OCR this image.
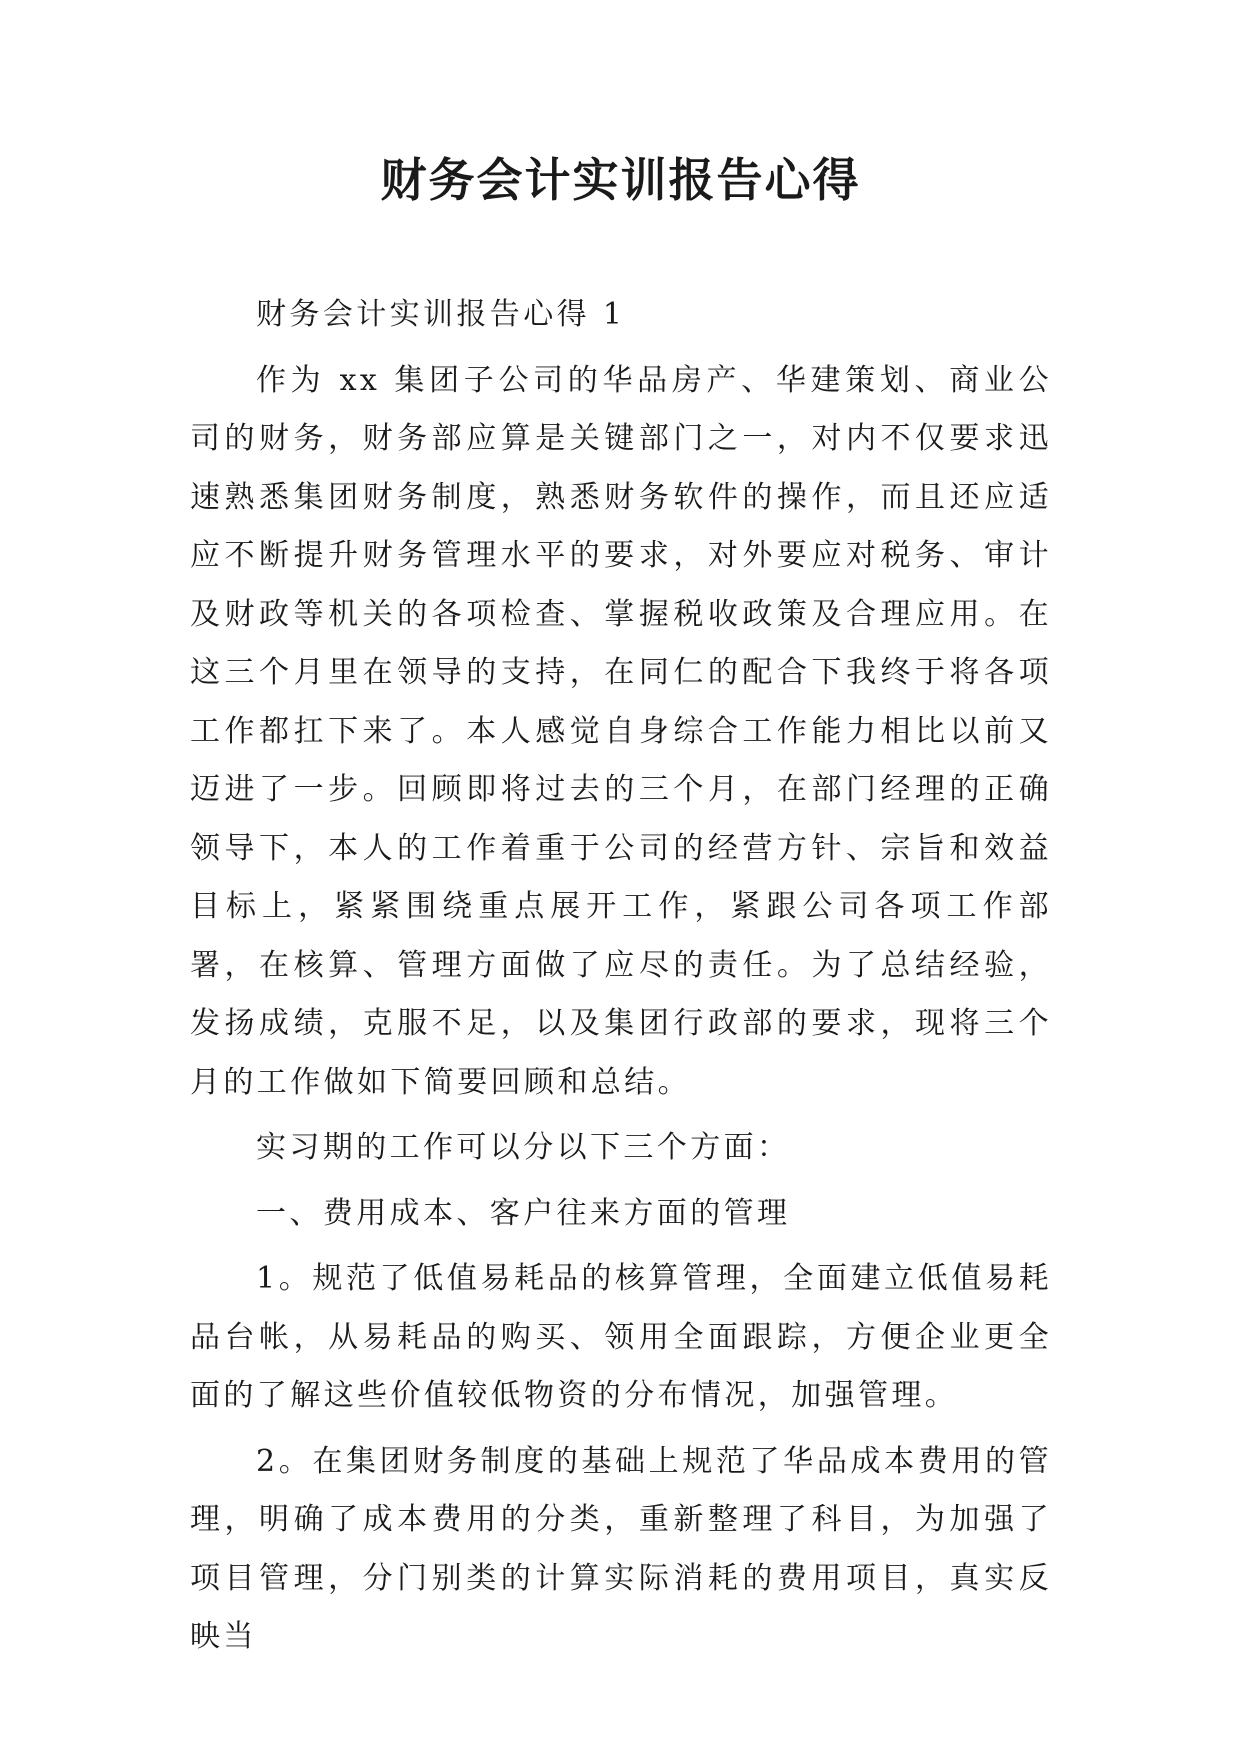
财务会计实训报告心得

财务会计实训报告心得 1

作为 xx 集团子公司的华品房产、华建策划、商业公司的财务，财务部应算是关键部门之一，对内不仅要求迅速熟悉集团财务制度，熟悉财务软件的操作，而且还应适应不断提升财务管理水平的要求，对外要应对税务、审计及财政等机关的各项检查、掌握税收政策及合理应用。在这三个月里在领导的支持，在同仁的配合下我终于将各项工作都扛下来了。本人感觉自身综合工作能力相比以前又迈进了一步。回顾即将过去的三个月，在部门经理的正确领导下，本人的工作着重于公司的经营方针、宗旨和效益目标上，紧紧围绕重点展开工作，紧跟公司各项工作部署，在核算、管理方面做了应尽的责任。为了总结经验，发扬成绩，克服不足，以及集团行政部的要求，现将三个月的工作做如下简要回顾和总结。

实习期的工作可以分以下三个方面：

一、费用成本、客户往来方面的管理

1。规范了低值易耗品的核算管理，全面建立低值易耗品台帐，从易耗品的购买、领用全面跟踪，方便企业更全面的了解这些价值较低物资的分布情况，加强管理。

2。在集团财务制度的基础上规范了华品成本费用的管理，明确了成本费用的分类，重新整理了科目，为加强了项目管理，分门别类的计算实际消耗的费用项目，真实反映当
